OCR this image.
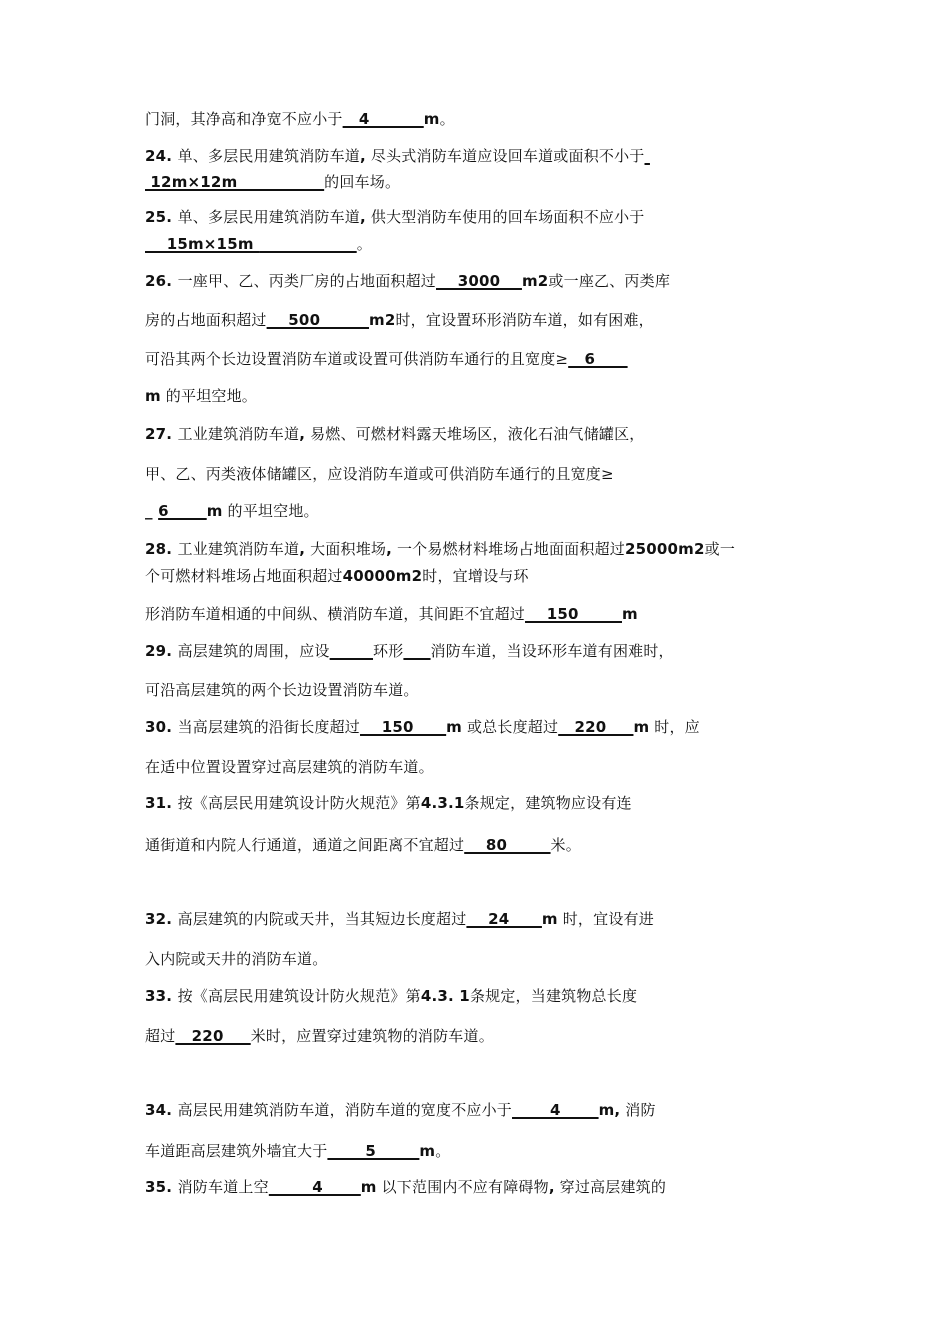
门洞，其净高和净宽不应小于   4          m。
24. 单、多层民用建筑消防车道, 尽头式消防车道应设回车道或面积不小于
12m×12m                的回车场。
25. 单、多层民用建筑消防车道, 供大型消防车使用的回车场面积不应小于
15m×15m	。
26. 一座甲、乙、丙类厂房的占地面积超过    3000    m2或一座乙、丙类库
房的占地面积超过    500         m2时，宜设置环形消防车道，如有困难，
可沿其两个长边设置消防车道或设置可供消防车通行的且宽度≥   6
m 的平坦空地。
27. 工业建筑消防车道, 易燃、可燃材料露天堆场区，液化石油气储罐区，
甲、乙、丙类液体储罐区，应设消防车道或可供消防车通行的且宽度≥
_ 6       m 的平坦空地。
28. 工业建筑消防车道, 大面积堆场, 一个易燃材料堆场占地面面积超过25000m2或一
个可燃材料堆场占地面积超过40000m2时，宜增设与环
形消防车道相通的中间纵、横消防车道，其间距不宜超过    150        m
29. 高层建筑的周围，应设	环形 消防车道，当设环形车道有困难时，
可沿高层建筑的两个长边设置消防车道。
30. 当高层建筑的沿街长度超过    150      m 或总长度超过   220     m 时，应
在适中位置设置穿过高层建筑的消防车道。
31. 按《高层民用建筑设计防火规范》第4.3.1条规定，建筑物应设有连
通街道和内院人行通道，通道之间距离不宜超过    80        米。
32. 高层建筑的内院或天井，当其短边长度超过    24      m 时，宜设有进
入内院或天井的消防车道。
33. 按《高层民用建筑设计防火规范》第4.3. 1条规定，当建筑物总长度
超过   220     米时，应置穿过建筑物的消防车道。
34. 高层民用建筑消防车道，消防车道的宽度不应小于       4       m, 消防
车道距高层建筑外墙宜大于       5        m。
35. 消防车道上空        4       m 以下范围内不应有障碍物, 穿过高层建筑的
